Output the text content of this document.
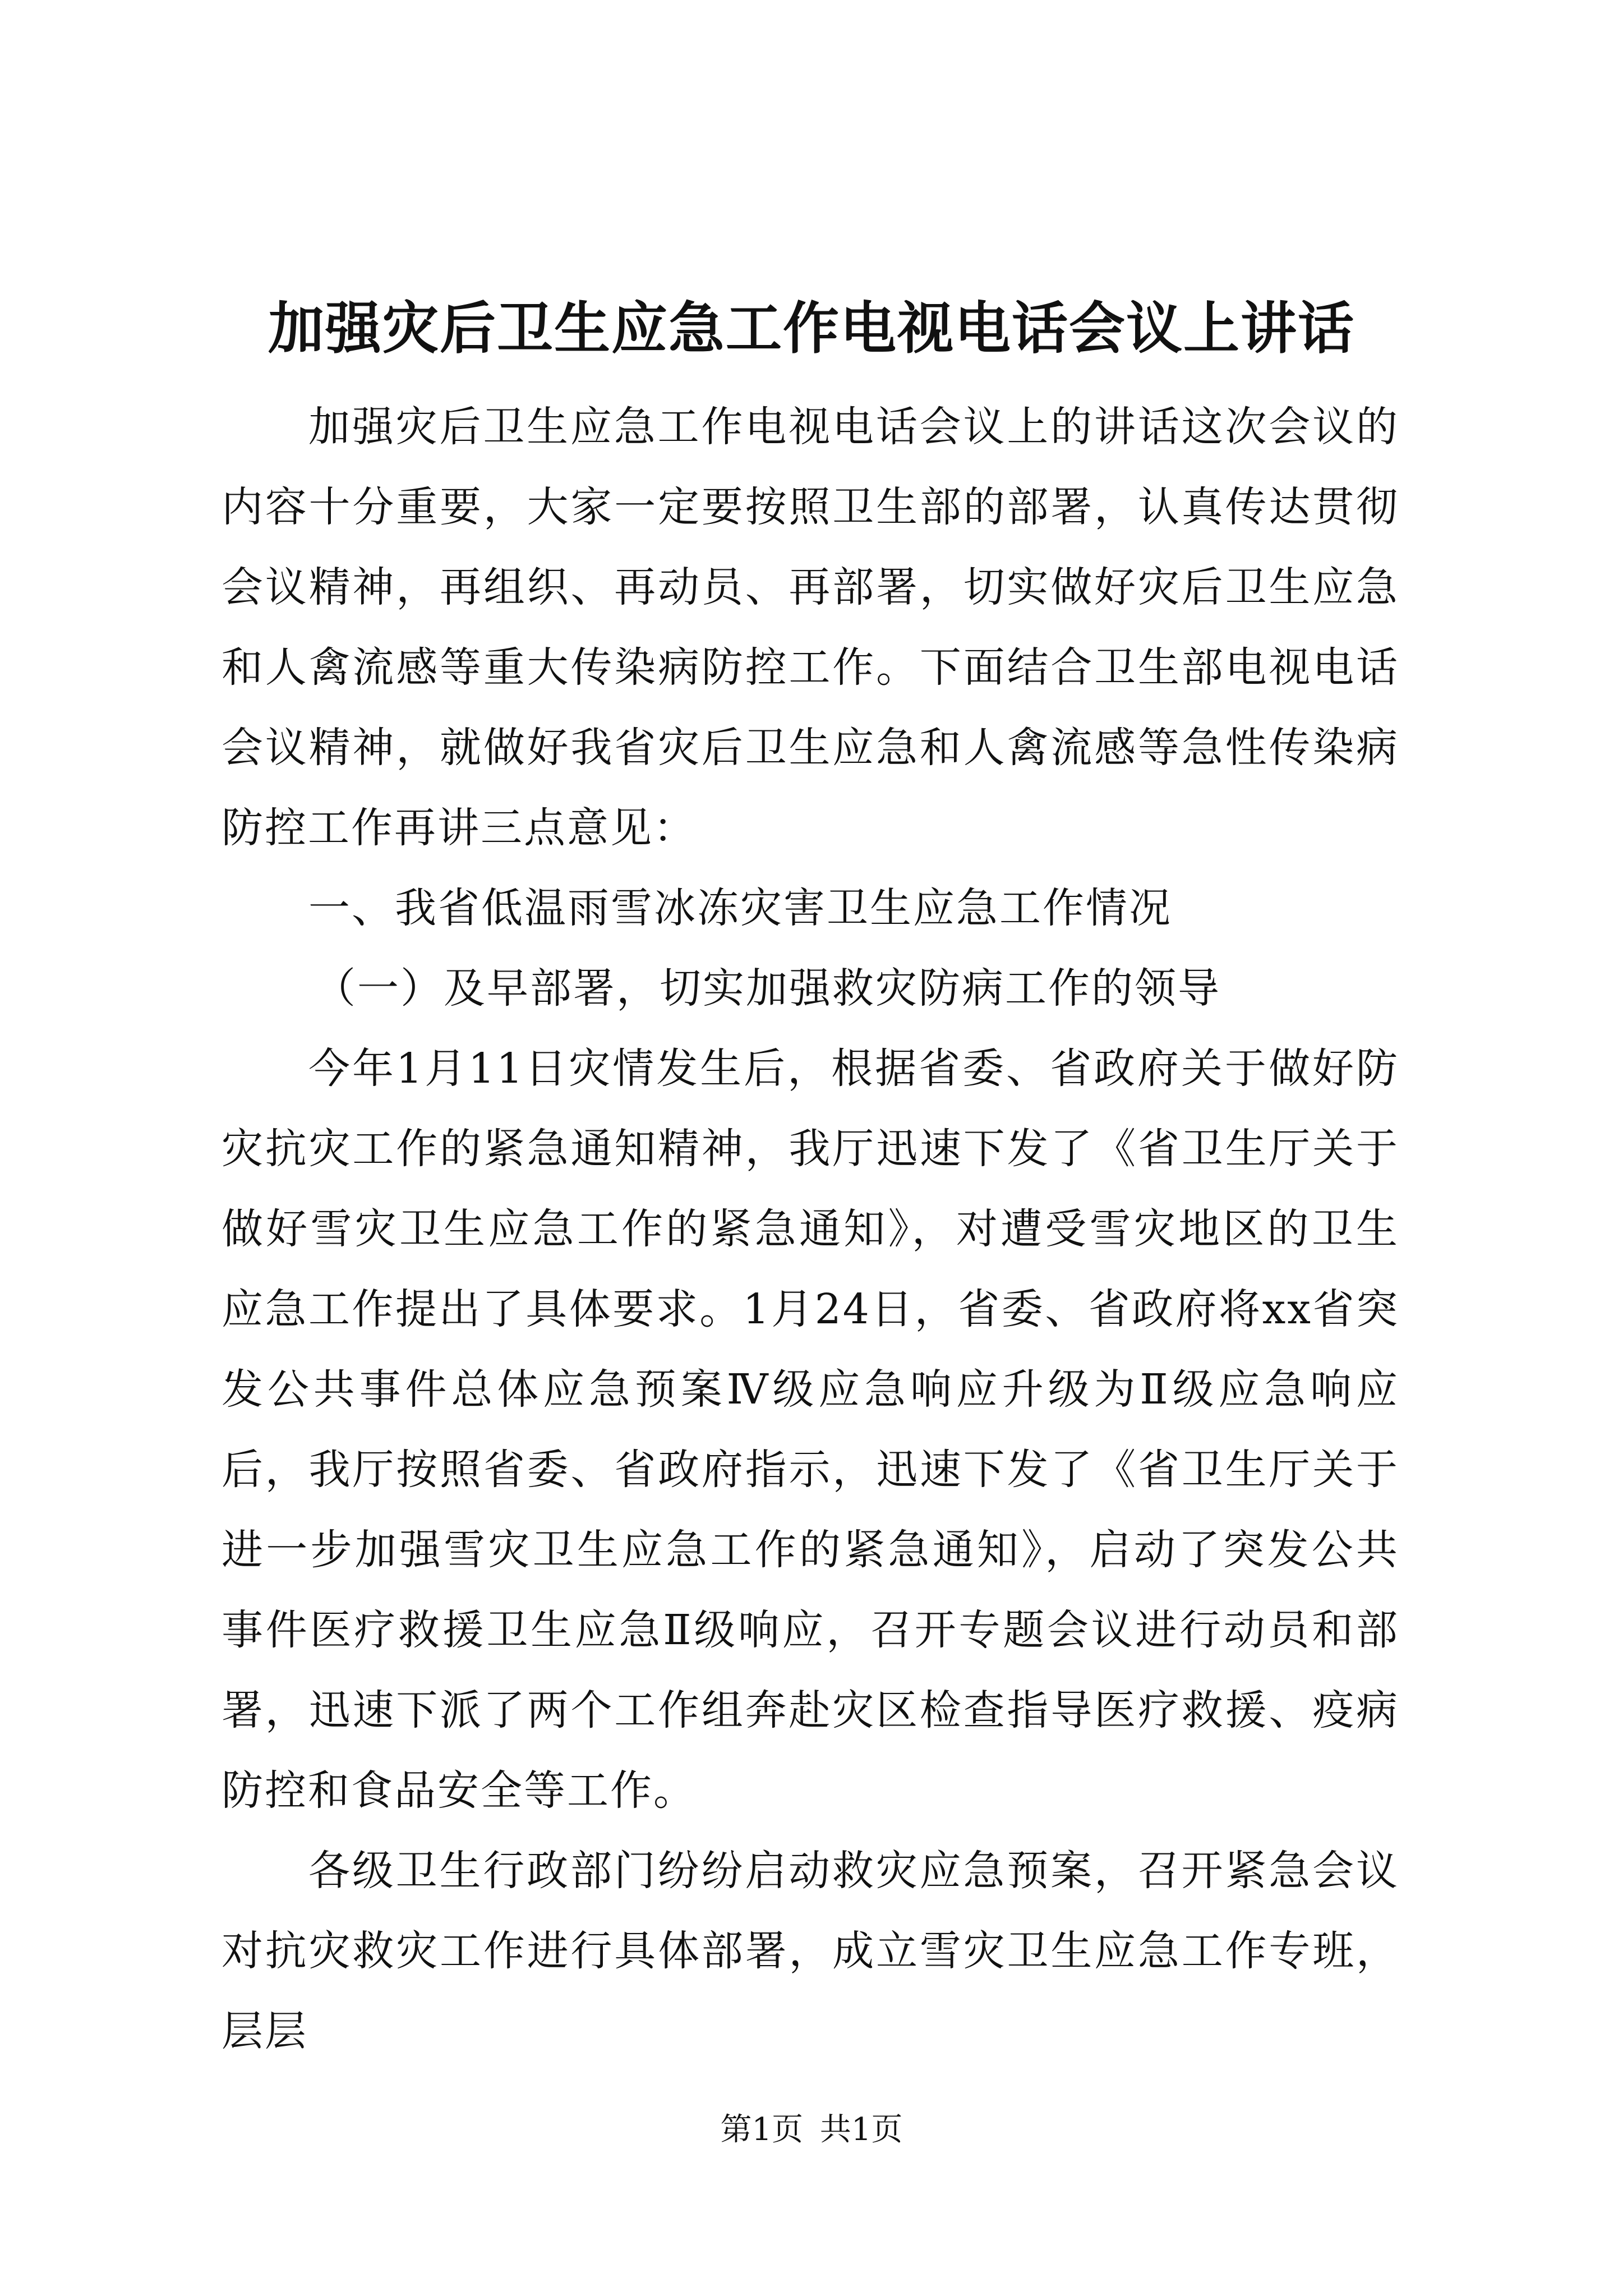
加强灾后卫生应急工作电视电话会议上讲话

加强灾后卫生应急工作电视电话会议上的讲话这次会议的内容十分重要，大家一定要按照卫生部的部署，认真传达贯彻会议精神，再组织、再动员、再部署，切实做好灾后卫生应急和人禽流感等重大传染病防控工作。下面结合卫生部电视电话会议精神，就做好我省灾后卫生应急和人禽流感等急性传染病防控工作再讲三点意见：

一、我省低温雨雪冰冻灾害卫生应急工作情况

（一）及早部署，切实加强救灾防病工作的领导

今年1月11日灾情发生后，根据省委、省政府关于做好防灾抗灾工作的紧急通知精神，我厅迅速下发了《省卫生厅关于做好雪灾卫生应急工作的紧急通知》，对遭受雪灾地区的卫生应急工作提出了具体要求。1月24日，省委、省政府将xx省突发公共事件总体应急预案Ⅳ级应急响应升级为Ⅱ级应急响应后，我厅按照省委、省政府指示，迅速下发了《省卫生厅关于进一步加强雪灾卫生应急工作的紧急通知》，启动了突发公共事件医疗救援卫生应急Ⅱ级响应，召开专题会议进行动员和部署，迅速下派了两个工作组奔赴灾区检查指导医疗救援、疫病防控和食品安全等工作。

各级卫生行政部门纷纷启动救灾应急预案，召开紧急会议对抗灾救灾工作进行具体部署，成立雪灾卫生应急工作专班，层层

第1页 共1页
